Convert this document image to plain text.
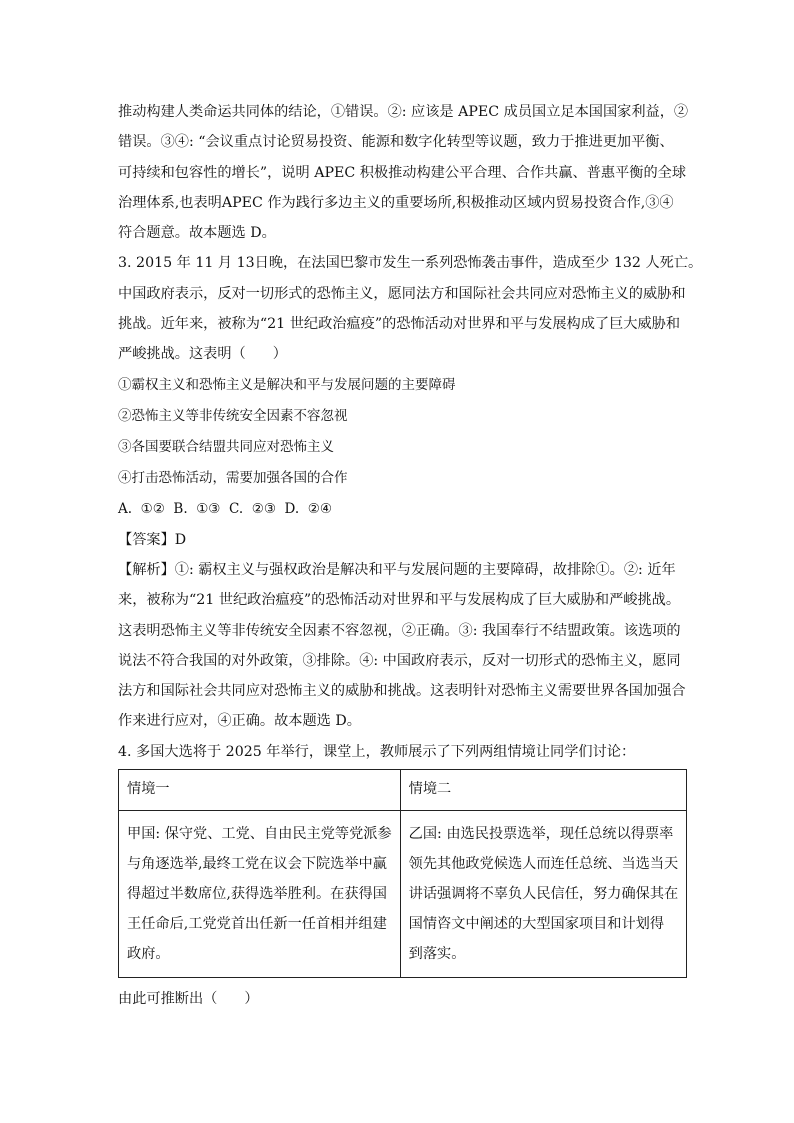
推动构建人类命运共同体的结论，①错误。②: 应该是 APEC 成员国立足本国国家利益，②
错误。③④: “会议重点讨论贸易投资、能源和数字化转型等议题，致力于推进更加平衡、
可持续和包容性的增长”，说明 APEC 积极推动构建公平合理、合作共赢、普惠平衡的全球
治理体系,也表明APEC 作为践行多边主义的重要场所,积极推动区域内贸易投资合作,③④
符合题意。故本题选 D。
3. 2015 年 11 月 13日晚，在法国巴黎市发生一系列恐怖袭击事件，造成至少 132 人死亡。
中国政府表示，反对一切形式的恐怖主义，愿同法方和国际社会共同应对恐怖主义的威胁和
挑战。近年来，被称为“21 世纪政治瘟疫”的恐怖活动对世界和平与发展构成了巨大威胁和
严峻挑战。这表明（      ）
①霸权主义和恐怖主义是解决和平与发展问题的主要障碍
②恐怖主义等非传统安全因素不容忽视
③各国要联合结盟共同应对恐怖主义
④打击恐怖活动，需要加强各国的合作
A.  ①②  B.  ①③  C.  ②③  D.  ②④
【答案】D
【解析】①: 霸权主义与强权政治是解决和平与发展问题的主要障碍，故排除①。②: 近年
来，被称为“21 世纪政治瘟疫”的恐怖活动对世界和平与发展构成了巨大威胁和严峻挑战。
这表明恐怖主义等非传统安全因素不容忽视，②正确。③: 我国奉行不结盟政策。该选项的
说法不符合我国的对外政策，③排除。④: 中国政府表示，反对一切形式的恐怖主义，愿同
法方和国际社会共同应对恐怖主义的威胁和挑战。这表明针对恐怖主义需要世界各国加强合
作来进行应对，④正确。故本题选 D。
4. 多国大选将于 2025 年举行，课堂上，教师展示了下列两组情境让同学们讨论：
情境一	情境二

甲国: 保守党、工党、自由民主党等党派参
与角逐选举,最终工党在议会下院选举中赢
得超过半数席位,获得选举胜利。在获得国
王任命后,工党党首出任新一任首相并组建
政府。	乙国: 由选民投票选举，现任总统以得票率
领先其他政党候选人而连任总统、当选当天
讲话强调将不辜负人民信任，努力确保其在
国情咨文中阐述的大型国家项目和计划得
到落实。
由此可推断出（      ）
